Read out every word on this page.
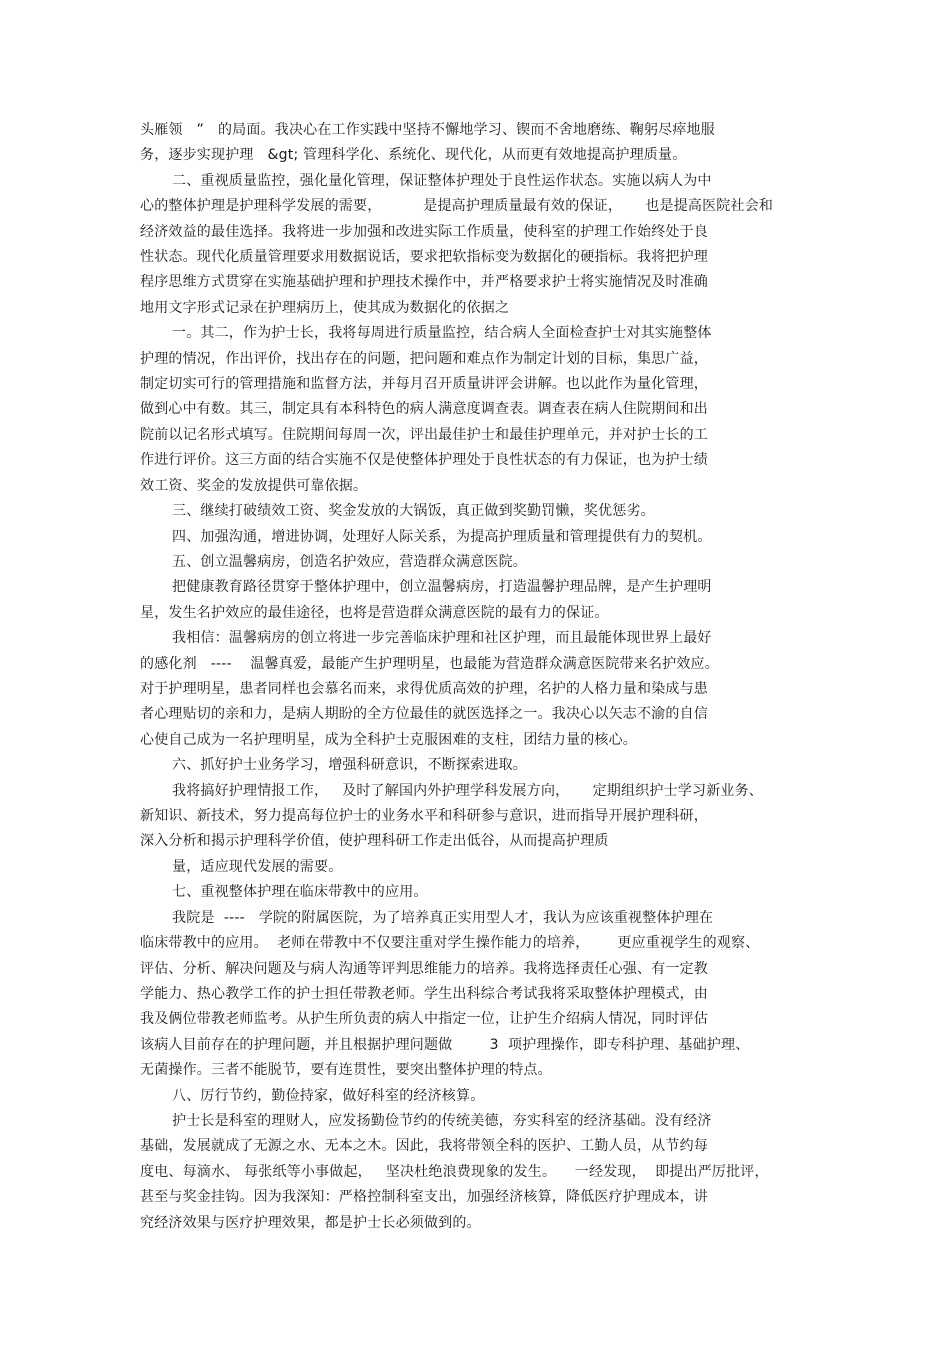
头雁领   ”   的局面。我决心在工作实践中坚持不懈地学习、锲而不舍地磨练、鞠躬尽瘁地服
务，逐步实现护理   &gt; 管理科学化、系统化、现代化，从而更有效地提高护理质量。
二、重视质量监控，强化量化管理，保证整体护理处于良性运作状态。实施以病人为中
心的整体护理是护理科学发展的需要，         是提高护理质量最有效的保证，     也是提高医院社会和
经济效益的最佳选择。我将进一步加强和改进实际工作质量，使科室的护理工作始终处于良
性状态。现代化质量管理要求用数据说话，要求把软指标变为数据化的硬指标。我将把护理
程序思维方式贯穿在实施基础护理和护理技术操作中，并严格要求护士将实施情况及时准确
地用文字形式记录在护理病历上，使其成为数据化的依据之
一。其二，作为护士长，我将每周进行质量监控，结合病人全面检查护士对其实施整体
护理的情况，作出评价，找出存在的问题，把问题和难点作为制定计划的目标，集思广益，
制定切实可行的管理措施和监督方法，并每月召开质量讲评会讲解。也以此作为量化管理，
做到心中有数。其三，制定具有本科特色的病人满意度调查表。调查表在病人住院期间和出
院前以记名形式填写。住院期间每周一次，评出最佳护士和最佳护理单元，并对护士长的工
作进行评价。这三方面的结合实施不仅是使整体护理处于良性状态的有力保证，也为护士绩
效工资、奖金的发放提供可靠依据。
三、继续打破绩效工资、奖金发放的大锅饭，真正做到奖勤罚懒，奖优惩劣。
四、加强沟通，增进协调，处理好人际关系，为提高护理质量和管理提供有力的契机。
五、创立温馨病房，创造名护效应，营造群众满意医院。
把健康教育路径贯穿于整体护理中，创立温馨病房，打造温馨护理品牌，是产生护理明
星，发生名护效应的最佳途径，也将是营造群众满意医院的最有力的保证。
我相信：温馨病房的创立将进一步完善临床护理和社区护理，而且最能体现世界上最好
的感化剂   ----    温馨真爱，最能产生护理明星，也最能为营造群众满意医院带来名护效应。
对于护理明星，患者同样也会慕名而来，求得优质高效的护理，名护的人格力量和染成与患
者心理贴切的亲和力，是病人期盼的全方位最佳的就医选择之一。我决心以矢志不渝的自信
心使自己成为一名护理明星，成为全科护士克服困难的支柱，团结力量的核心。
六、抓好护士业务学习，增强科研意识，不断探索进取。
我将搞好护理情报工作，   及时了解国内外护理学科发展方向，     定期组织护士学习新业务、
新知识、新技术，努力提高每位护士的业务水平和科研参与意识，进而指导开展护理科研，
深入分析和揭示护理科学价值，使护理科研工作走出低谷，从而提高护理质
量，适应现代发展的需要。
七、重视整体护理在临床带教中的应用。
我院是  ----   学院的附属医院，为了培养真正实用型人才，我认为应该重视整体护理在
临床带教中的应用。  老师在带教中不仅要注重对学生操作能力的培养，      更应重视学生的观察、
评估、分析、解决问题及与病人沟通等评判思维能力的培养。我将选择责任心强、有一定教
学能力、热心教学工作的护士担任带教老师。学生出科综合考试我将采取整体护理模式，由
我及俩位带教老师监考。从护生所负责的病人中指定一位，让护生介绍病人情况，同时评估
该病人目前存在的护理问题，并且根据护理问题做        3  项护理操作，即专科护理、基础护理、
无菌操作。三者不能脱节，要有连贯性，要突出整体护理的特点。
八、厉行节约，勤俭持家，做好科室的经济核算。
护士长是科室的理财人，应发扬勤俭节约的传统美德，夯实科室的经济基础。没有经济
基础，发展就成了无源之水、无本之木。因此，我将带领全科的医护、工勤人员，从节约每
度电、每滴水、 每张纸等小事做起，   坚决杜绝浪费现象的发生。    一经发现，  即提出严厉批评，
甚至与奖金挂钩。因为我深知：严格控制科室支出，加强经济核算，降低医疗护理成本，讲
究经济效果与医疗护理效果，都是护士长必须做到的。
